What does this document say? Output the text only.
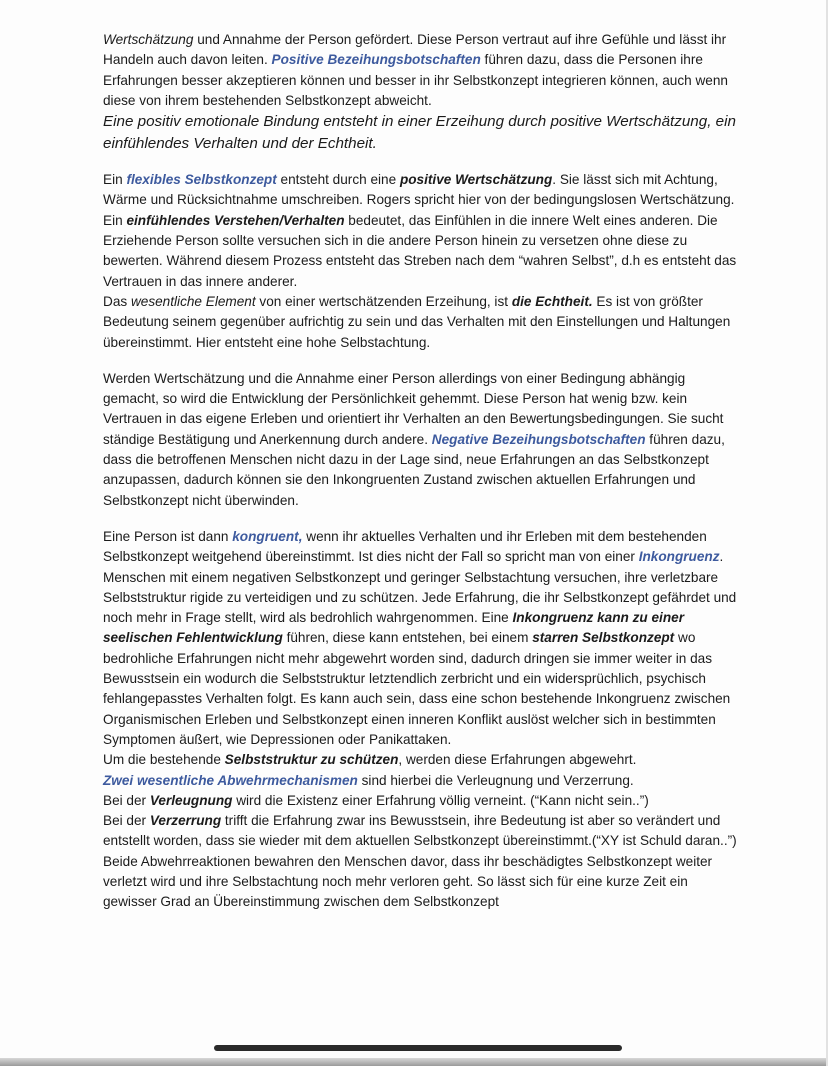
Wertschätzung und Annahme der Person gefördert. Diese Person vertraut auf ihre Gefühle und lässt ihr Handeln auch davon leiten. Positive Bezeihungsbotschaften führen dazu, dass die Personen ihre Erfahrungen besser akzeptieren können und besser in ihr Selbstkonzept integrieren können, auch wenn diese von ihrem bestehenden Selbstkonzept abweicht.

Eine positiv emotionale Bindung entsteht in einer Erzeihung durch positive Wertschätzung, ein einfühlendes Verhalten und der Echtheit.

Ein flexibles Selbstkonzept entsteht durch eine positive Wertschätzung. Sie lässt sich mit Achtung, Wärme und Rücksichtnahme umschreiben. Rogers spricht hier von der bedingungslosen Wertschätzung.

Ein einfühlendes Verstehen/Verhalten bedeutet, das Einfühlen in die innere Welt eines anderen. Die Erziehende Person sollte versuchen sich in die andere Person hinein zu versetzen ohne diese zu bewerten. Während diesem Prozess entsteht das Streben nach dem “wahren Selbst”, d.h es entsteht das Vertrauen in das innere anderer.

Das wesentliche Element von einer wertschätzenden Erzeihung, ist die Echtheit. Es ist von größter Bedeutung seinem gegenüber aufrichtig zu sein und das Verhalten mit den Einstellungen und Haltungen übereinstimmt. Hier entsteht eine hohe Selbstachtung.

Werden Wertschätzung und die Annahme einer Person allerdings von einer Bedingung abhängig gemacht, so wird die Entwicklung der Persönlichkeit gehemmt. Diese Person hat wenig bzw. kein Vertrauen in das eigene Erleben und orientiert ihr Verhalten an den Bewertungsbedingungen. Sie sucht ständige Bestätigung und Anerkennung durch andere. Negative Bezeihungsbotschaften führen dazu, dass die betroffenen Menschen nicht dazu in der Lage sind, neue Erfahrungen an das Selbstkonzept anzupassen, dadurch können sie den Inkongruenten Zustand zwischen aktuellen Erfahrungen und Selbstkonzept nicht überwinden.

Eine Person ist dann kongruent, wenn ihr aktuelles Verhalten und ihr Erleben mit dem bestehenden Selbstkonzept weitgehend übereinstimmt. Ist dies nicht der Fall so spricht man von einer Inkongruenz. Menschen mit einem negativen Selbstkonzept und geringer Selbstachtung versuchen, ihre verletzbare Selbststruktur rigide zu verteidigen und zu schützen. Jede Erfahrung, die ihr Selbstkonzept gefährdet und noch mehr in Frage stellt, wird als bedrohlich wahrgenommen. Eine Inkongruenz kann zu einer seelischen Fehlentwicklung führen, diese kann entstehen, bei einem starren Selbstkonzept wo bedrohliche Erfahrungen nicht mehr abgewehrt worden sind, dadurch dringen sie immer weiter in das Bewusstsein ein wodurch die Selbststruktur letztendlich zerbricht und ein widersprüchlich, psychisch fehlangepasstes Verhalten folgt. Es kann auch sein, dass eine schon bestehende Inkongruenz zwischen Organismischen Erleben und Selbstkonzept einen inneren Konflikt auslöst welcher sich in bestimmten Symptomen äußert, wie Depressionen oder Panikattaken.

Um die bestehende Selbststruktur zu schützen, werden diese Erfahrungen abgewehrt.

Zwei wesentliche Abwehrmechanismen sind hierbei die Verleugnung und Verzerrung.

Bei der Verleugnung wird die Existenz einer Erfahrung völlig verneint. (“Kann nicht sein..”)

Bei der Verzerrung trifft die Erfahrung zwar ins Bewusstsein, ihre Bedeutung ist aber so verändert und entstellt worden, dass sie wieder mit dem aktuellen Selbstkonzept übereinstimmt.(“XY ist Schuld daran..”)

Beide Abwehrreaktionen bewahren den Menschen davor, dass ihr beschädigtes Selbstkonzept weiter verletzt wird und ihre Selbstachtung noch mehr verloren geht. So lässt sich für eine kurze Zeit ein gewisser Grad an Übereinstimmung zwischen dem Selbstkonzept
